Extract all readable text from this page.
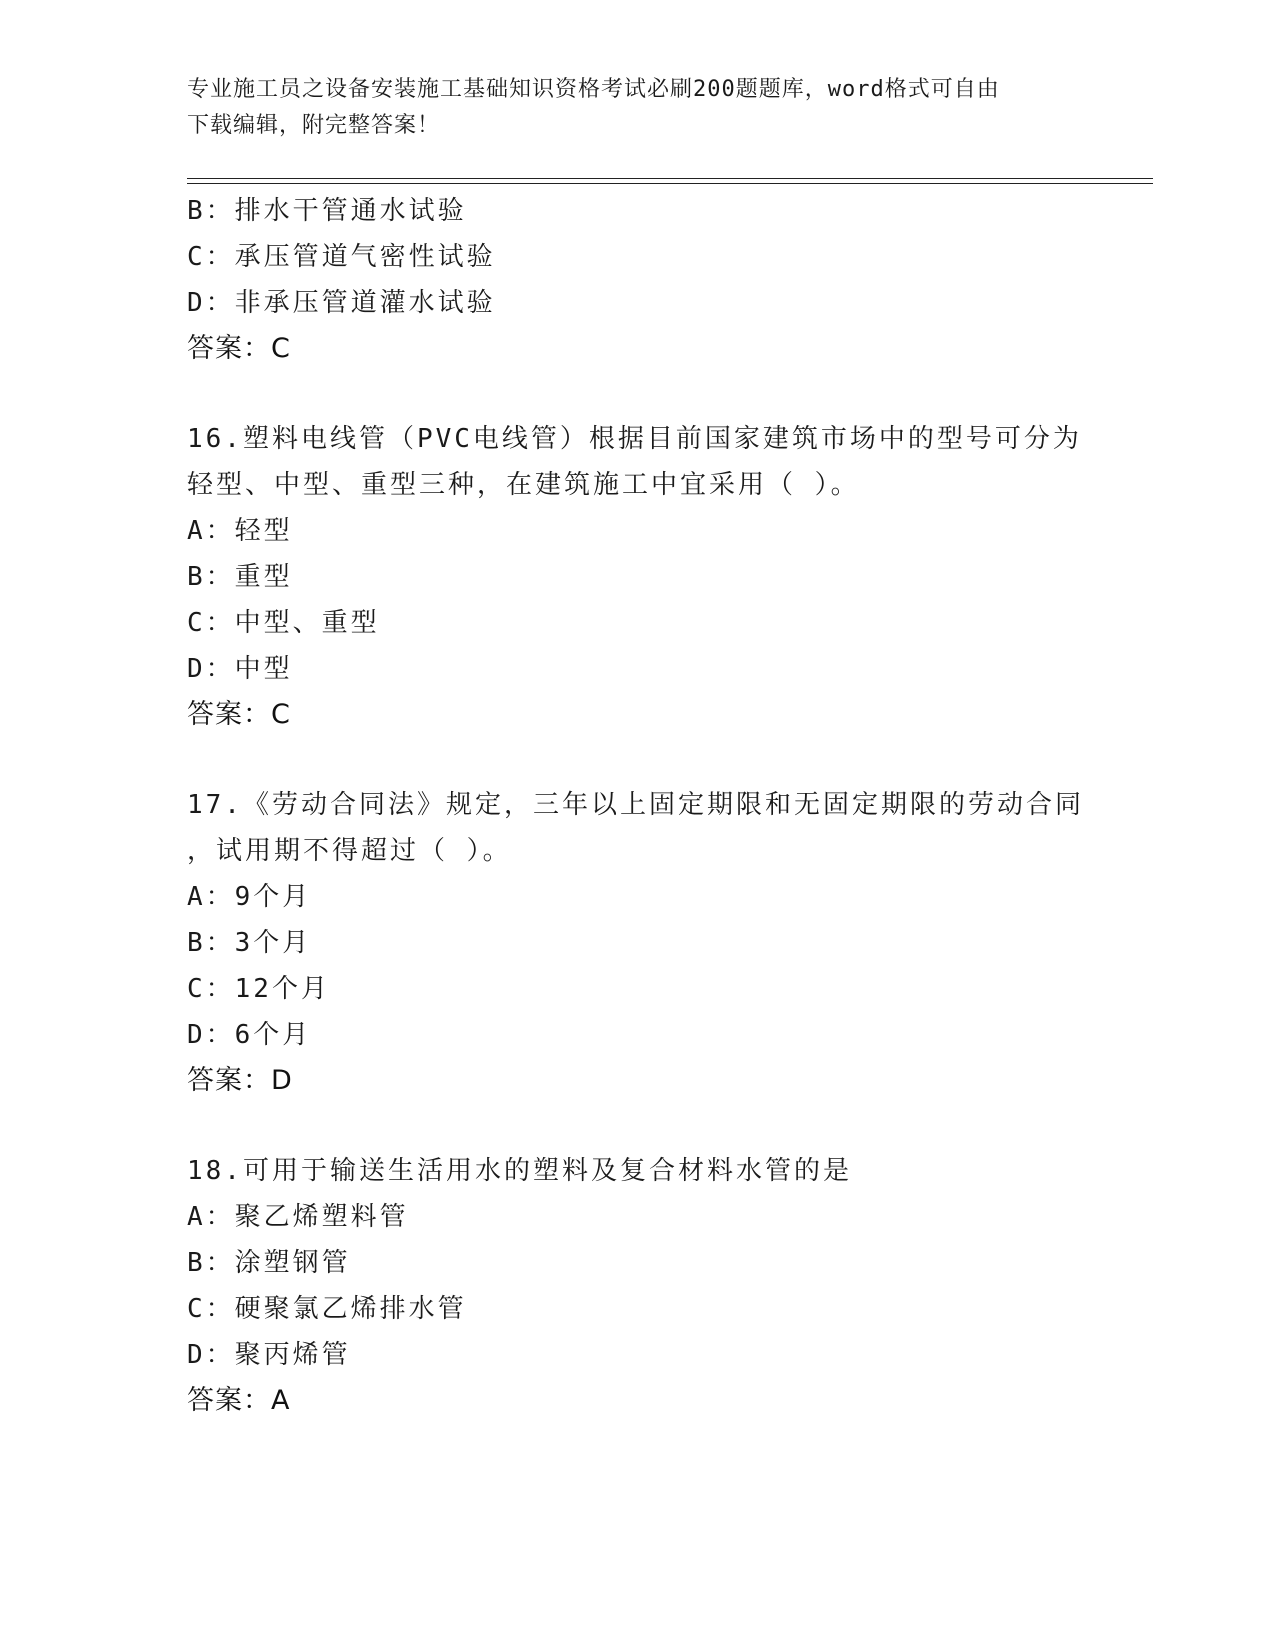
专业施工员之设备安装施工基础知识资格考试必刷200题题库，word格式可自由
下载编辑，附完整答案！
B：排水干管通水试验
C：承压管道气密性试验
D：非承压管道灌水试验
答案：C
16.塑料电线管（PVC电线管）根据目前国家建筑市场中的型号可分为
轻型、中型、重型三种，在建筑施工中宜采用（ ）。
A：轻型
B：重型
C：中型、重型
D：中型
答案：C
17.《劳动合同法》规定，三年以上固定期限和无固定期限的劳动合同
，试用期不得超过（ ）。
A：9个月
B：3个月
C：12个月
D：6个月
答案：D
18.可用于输送生活用水的塑料及复合材料水管的是
A：聚乙烯塑料管
B：涂塑钢管
C：硬聚氯乙烯排水管
D：聚丙烯管
答案：A
